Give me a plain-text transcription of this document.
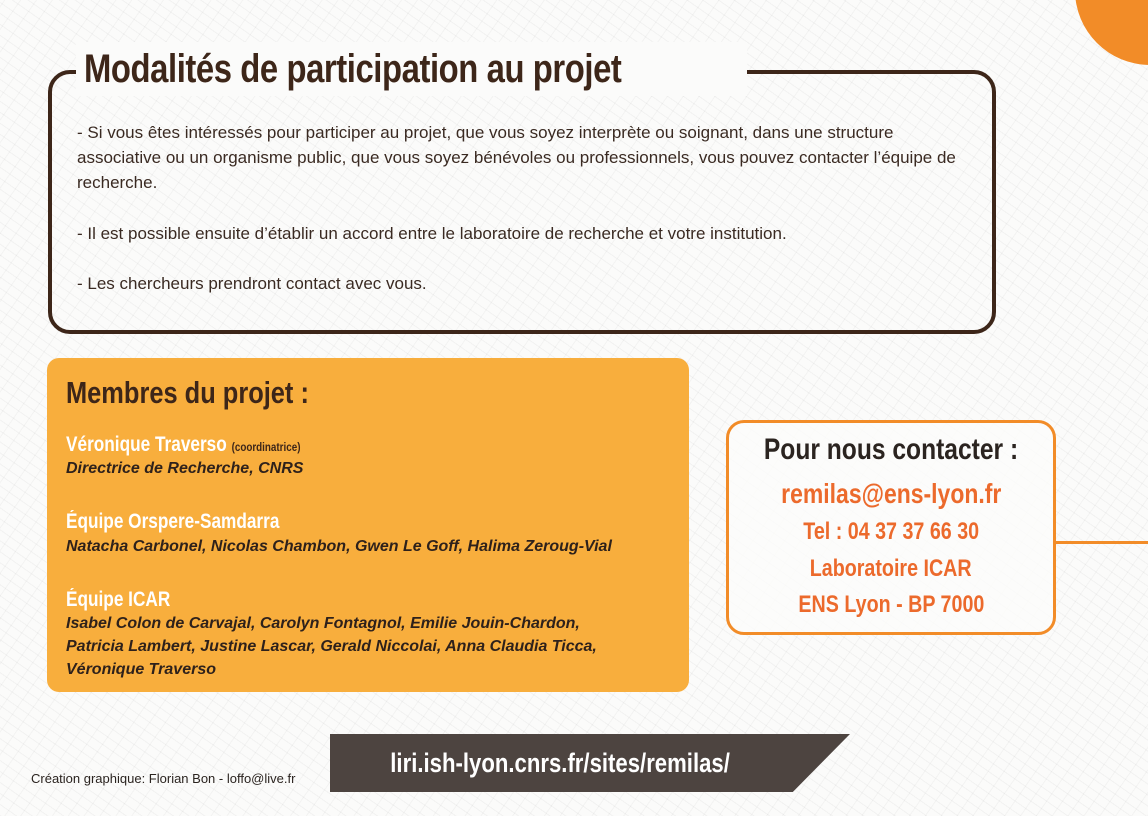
Modalités de participation au projet
- Si vous êtes intéressés pour participer au projet, que vous soyez interprète ou soignant, dans une structure associative ou un organisme public, que vous soyez bénévoles ou professionnels, vous pouvez contacter l’équipe de recherche.
- Il est possible ensuite d’établir un accord entre le laboratoire de recherche et votre institution.
- Les chercheurs prendront contact avec vous.
Membres du projet :
Véronique Traverso (coordinatrice)
Directrice de Recherche, CNRS
Équipe Orspere-Samdarra
Natacha Carbonel, Nicolas Chambon, Gwen Le Goff, Halima Zeroug-Vial
Équipe ICAR
Isabel Colon de Carvajal, Carolyn Fontagnol, Emilie Jouin-Chardon,
Patricia Lambert, Justine Lascar, Gerald Niccolai, Anna Claudia Ticca,
Véronique Traverso
Pour nous contacter :
remilas@ens-lyon.fr
Tel : 04 37 37 66 30
Laboratoire ICAR
ENS Lyon - BP 7000
liri.ish-lyon.cnrs.fr/sites/remilas/
Création graphique: Florian Bon - loffo@live.fr
